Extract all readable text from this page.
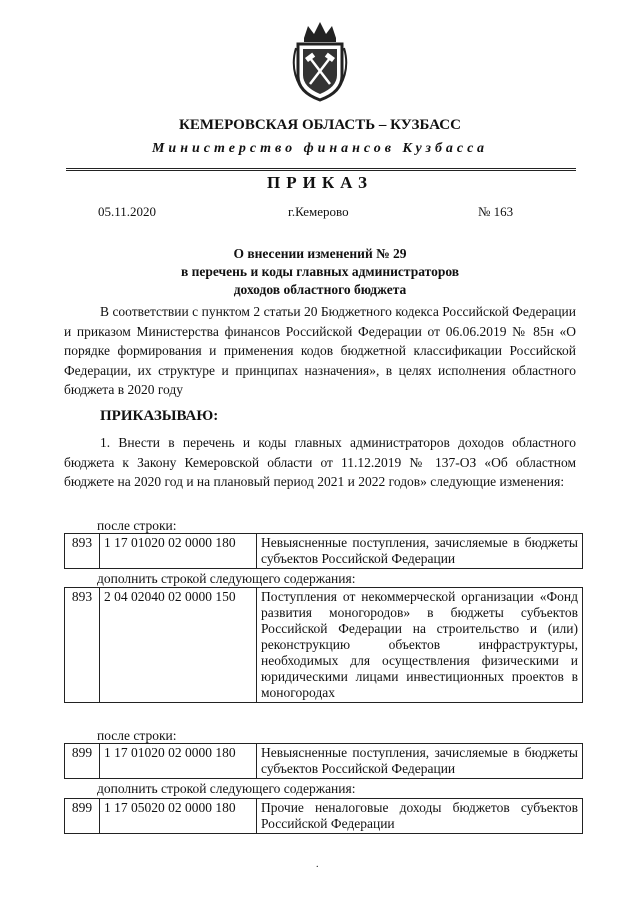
КЕМЕРОВСКАЯ ОБЛАСТЬ – КУЗБАСС
Министерство финансов Кузбасса
ПРИКАЗ
05.11.2020	г.Кемерово	№ 163
О внесении изменений № 29
в перечень и коды главных администраторов
доходов областного бюджета
В соответствии с пунктом 2 статьи 20 Бюджетного кодекса Российской Федерации и приказом Министерства финансов Российской Федерации от 06.06.2019 № 85н «О порядке формирования и применения кодов бюджетной классификации Российской Федерации, их структуре и принципах назначения», в целях исполнения областного бюджета в 2020 году
ПРИКАЗЫВАЮ:
1. Внести в перечень и коды главных администраторов доходов областного бюджета к Закону Кемеровской области от 11.12.2019 № 137-ОЗ «Об областном бюджете на 2020 год и на плановый период 2021 и 2022 годов» следующие изменения:
после строки:
893	1 17 01020 02 0000 180	Невыясненные поступления, зачисляемые в бюджеты субъектов Российской Федерации
дополнить строкой следующего содержания:
893	2 04 02040 02 0000 150	Поступления от некоммерческой организации «Фонд развития моногородов» в бюджеты субъектов Российской Федерации на строительство и (или) реконструкцию объектов инфраструктуры, необходимых для осуществления физическими и юридическими лицами инвестиционных проектов в моногородах
после строки:
899	1 17 01020 02 0000 180	Невыясненные поступления, зачисляемые в бюджеты субъектов Российской Федерации
дополнить строкой следующего содержания:
899	1 17 05020 02 0000 180	Прочие неналоговые доходы бюджетов субъектов Российской Федерации
.
